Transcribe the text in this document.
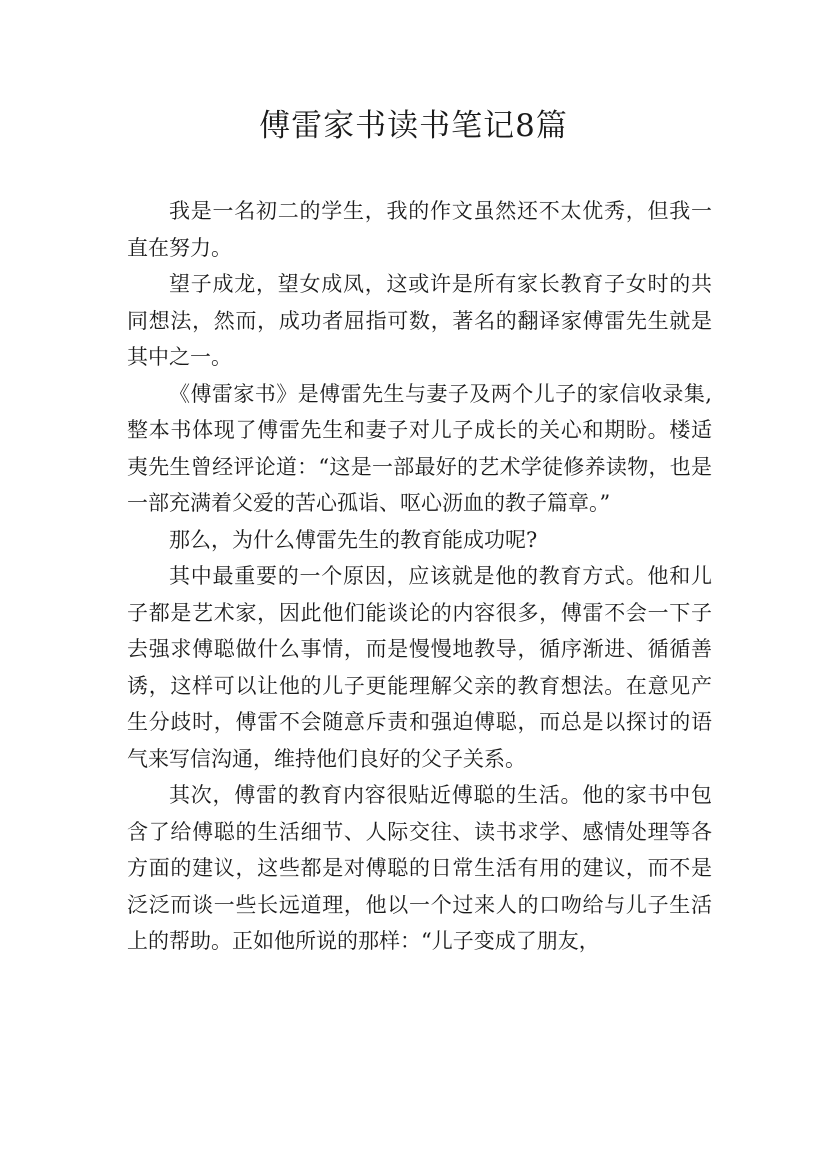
傅雷家书读书笔记8篇

我是一名初二的学生，我的作文虽然还不太优秀，但我一直在努力。

望子成龙，望女成凤，这或许是所有家长教育子女时的共同想法，然而，成功者屈指可数，著名的翻译家傅雷先生就是其中之一。

《傅雷家书》是傅雷先生与妻子及两个儿子的家信收录集,整本书体现了傅雷先生和妻子对儿子成长的关心和期盼。楼适夷先生曾经评论道：“这是一部最好的艺术学徒修养读物，也是一部充满着父爱的苦心孤诣、呕心沥血的教子篇章。”

那么，为什么傅雷先生的教育能成功呢?

其中最重要的一个原因，应该就是他的教育方式。他和儿子都是艺术家，因此他们能谈论的内容很多，傅雷不会一下子去强求傅聪做什么事情，而是慢慢地教导，循序渐进、循循善诱，这样可以让他的儿子更能理解父亲的教育想法。在意见产生分歧时，傅雷不会随意斥责和强迫傅聪，而总是以探讨的语气来写信沟通，维持他们良好的父子关系。

其次，傅雷的教育内容很贴近傅聪的生活。他的家书中包含了给傅聪的生活细节、人际交往、读书求学、感情处理等各方面的建议，这些都是对傅聪的日常生活有用的建议，而不是泛泛而谈一些长远道理，他以一个过来人的口吻给与儿子生活上的帮助。正如他所说的那样：“儿子变成了朋友，
